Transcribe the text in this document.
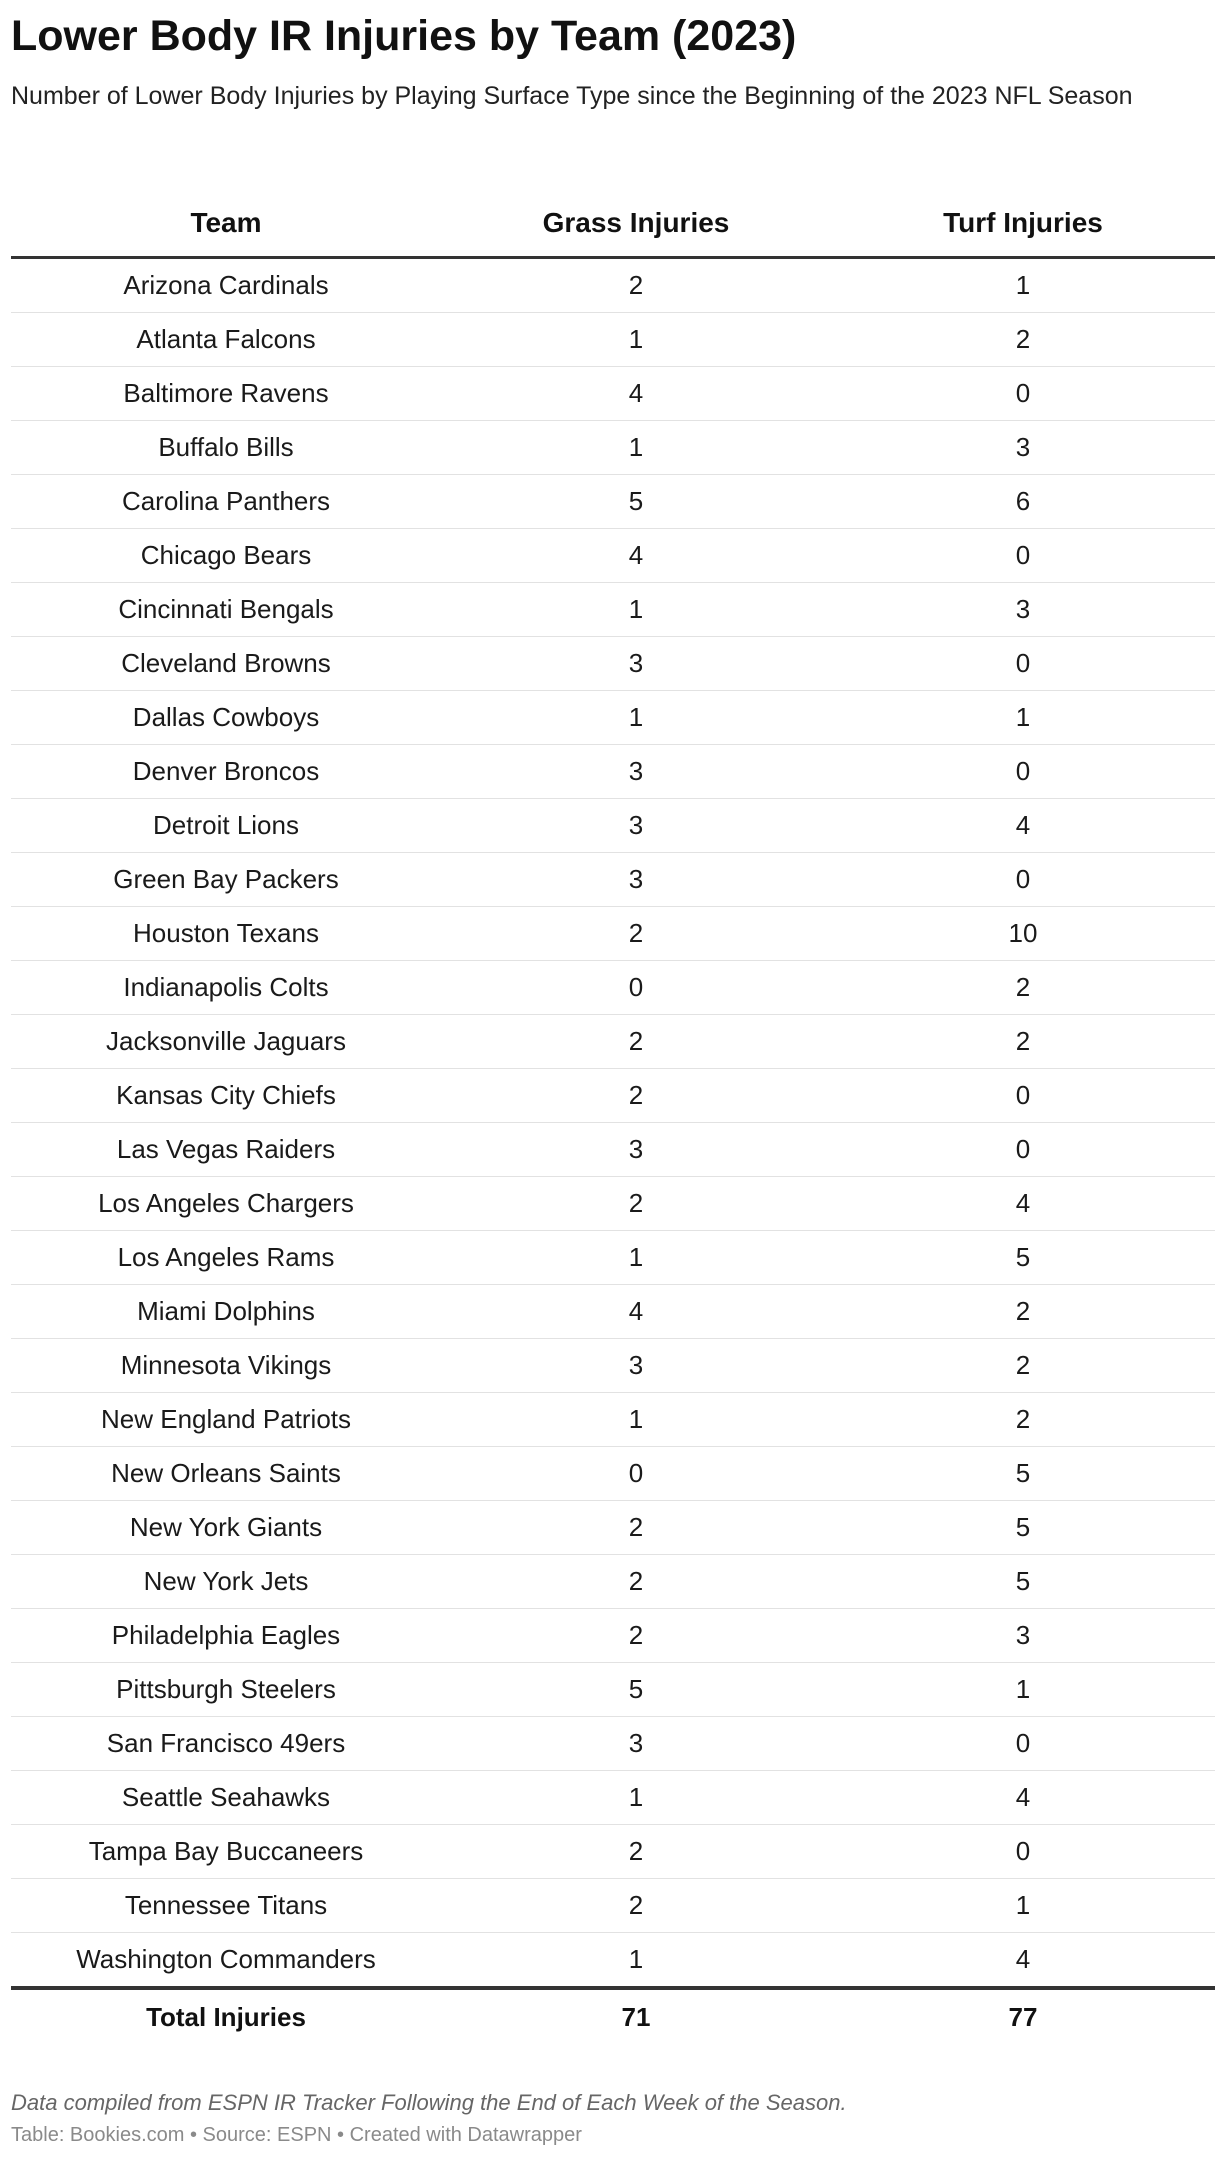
Lower Body IR Injuries by Team (2023)
Number of Lower Body Injuries by Playing Surface Type since the Beginning of the 2023 NFL Season
Team	Grass Injuries	Turf Injuries
Arizona Cardinals	2	1
Atlanta Falcons	1	2
Baltimore Ravens	4	0
Buffalo Bills	1	3
Carolina Panthers	5	6
Chicago Bears	4	0
Cincinnati Bengals	1	3
Cleveland Browns	3	0
Dallas Cowboys	1	1
Denver Broncos	3	0
Detroit Lions	3	4
Green Bay Packers	3	0
Houston Texans	2	10
Indianapolis Colts	0	2
Jacksonville Jaguars	2	2
Kansas City Chiefs	2	0
Las Vegas Raiders	3	0
Los Angeles Chargers	2	4
Los Angeles Rams	1	5
Miami Dolphins	4	2
Minnesota Vikings	3	2
New England Patriots	1	2
New Orleans Saints	0	5
New York Giants	2	5
New York Jets	2	5
Philadelphia Eagles	2	3
Pittsburgh Steelers	5	1
San Francisco 49ers	3	0
Seattle Seahawks	1	4
Tampa Bay Buccaneers	2	0
Tennessee Titans	2	1
Washington Commanders	1	4
Total Injuries	71	77
Data compiled from ESPN IR Tracker Following the End of Each Week of the Season.
Table: Bookies.com • Source: ESPN • Created with Datawrapper
